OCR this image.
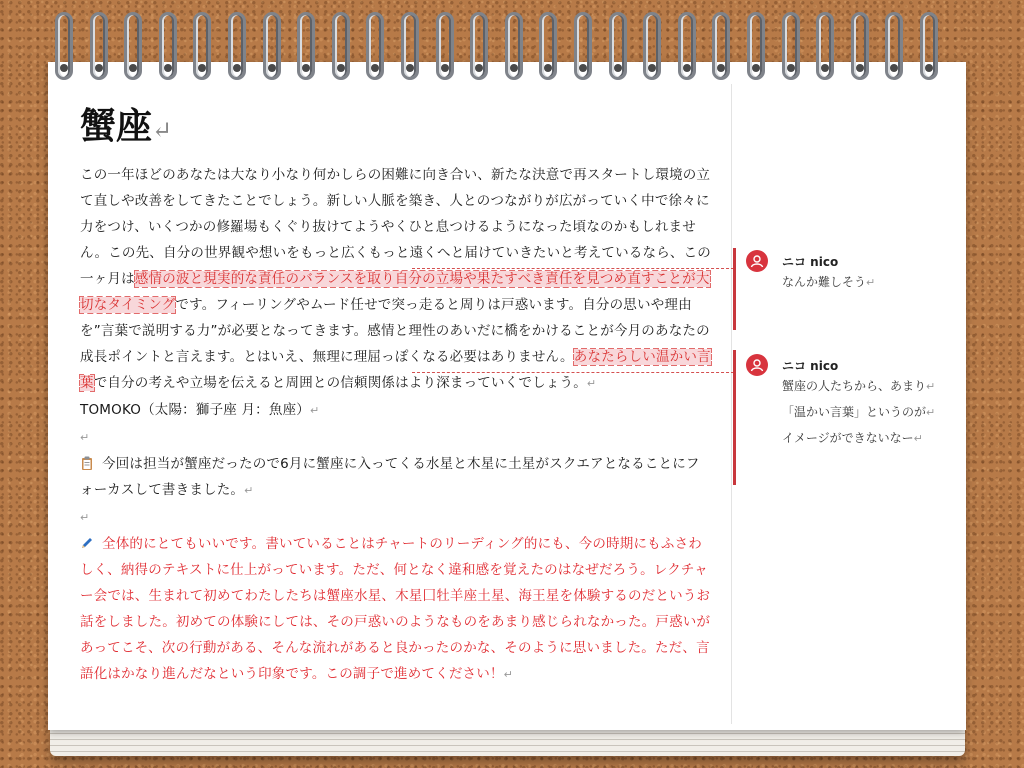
蟹座↵
この一年ほどのあなたは大なり小なり何かしらの困難に向き合い、新たな決意で再スタートし環境の立て直しや改善をしてきたことでしょう。新しい人脈を築き、人とのつながりが広がっていく中で徐々に力をつけ、いくつかの修羅場もくぐり抜けてようやくひと息つけるようになった頃なのかもしれません。この先、自分の世界観や想いをもっと広くもっと遠くへと届けていきたいと考えているなら、この一ヶ月は感情の波と現実的な責任のバランスを取り自分の立場や果たすべき責任を見つめ直すことが大切なタイミングです。フィーリングやムード任せで突っ走ると周りは戸惑います。自分の思いや理由を”言葉で説明する力”が必要となってきます。感情と理性のあいだに橋をかけることが今月のあなたの成長ポイントと言えます。とはいえ、無理に理屈っぽくなる必要はありません。あなたらしい温かい言葉で自分の考えや立場を伝えると周囲との信頼関係はより深まっていくでしょう。↵
TOMOKO（太陽：獅子座 月：魚座）↵
↵
今回は担当が蟹座だったので6月に蟹座に入ってくる水星と木星に土星がスクエアとなることにフォーカスして書きました。↵
↵
全体的にとてもいいです。書いていることはチャートのリーディング的にも、今の時期にもふさわしく、納得のテキストに仕上がっています。ただ、何となく違和感を覚えたのはなぜだろう。レクチャー会では、生まれて初めてわたしたちは蟹座水星、木星囗牡羊座土星、海王星を体験するのだというお話をしました。初めての体験にしては、その戸惑いのようなものをあまり感じられなかった。戸惑いがあってこそ、次の行動がある、そんな流れがあると良かったのかな、そのように思いました。ただ、言語化はかなり進んだなという印象です。この調子で進めてください！↵
ニコ nico
なんか難しそう↵
ニコ nico
蟹座の人たちから、あまり↵
「温かい言葉」というのが↵
イメージができないなー↵
